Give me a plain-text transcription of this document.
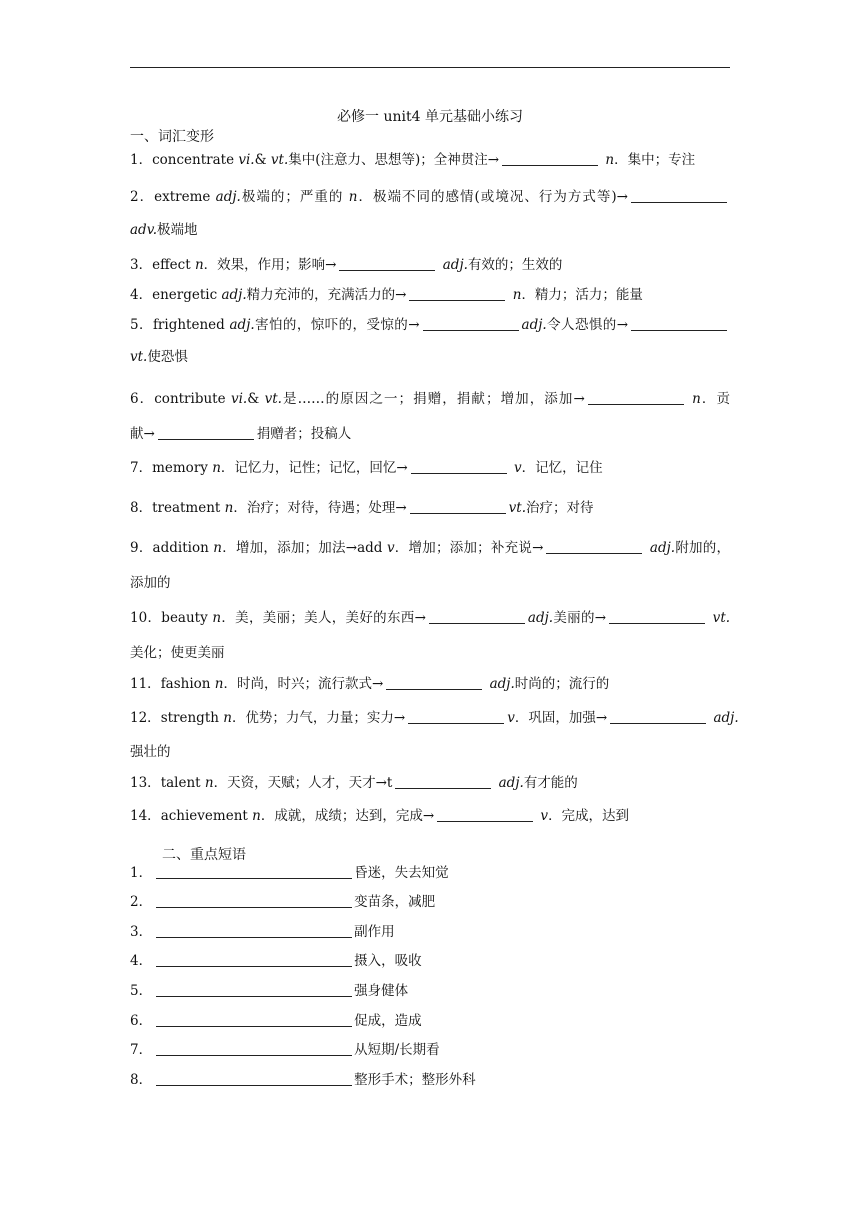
必修一 unit4 单元基础小练习
一、词汇变形
1．concentrate vi.& vt.集中(注意力、思想等)；全神贯注→	n．集中；专注
2．extreme adj.极端的；严重的 n．极端不同的感情(或境况、行为方式等)→
adv.极端地
3．effect n．效果，作用；影响→	adj.有效的；生效的
4．energetic adj.精力充沛的，充满活力的→	n．精力；活力；能量
5．frightened adj.害怕的，惊吓的，受惊的→	adj.令人恐惧的→
vt.使恐惧
6．contribute vi.& vt.是……的原因之一；捐赠，捐献；增加，添加→	n．贡
献→	捐赠者；投稿人
7．memory n．记忆力，记性；记忆，回忆→	v．记忆，记住
8．treatment n．治疗；对待，待遇；处理→	vt.治疗；对待
9．addition n．增加，添加；加法→add v．增加；添加；补充说→	adj.附加的，
添加的
10．beauty n．美，美丽；美人，美好的东西→	adj.美丽的→	vt.
美化；使更美丽
11．fashion n．时尚，时兴；流行款式→	adj.时尚的；流行的
12．strength n．优势；力气，力量；实力→	v．巩固，加强→	adj.
强壮的
13．talent n．天资，天赋；人才，天才→t	adj.有才能的
14．achievement n．成就，成绩；达到，完成→	v．完成，达到
二、重点短语
1．	昏迷，失去知觉
2．	变苗条，减肥
3．	副作用
4．	摄入，吸收
5．	强身健体
6．	促成，造成
7．	从短期/长期看
8．	整形手术；整形外科
